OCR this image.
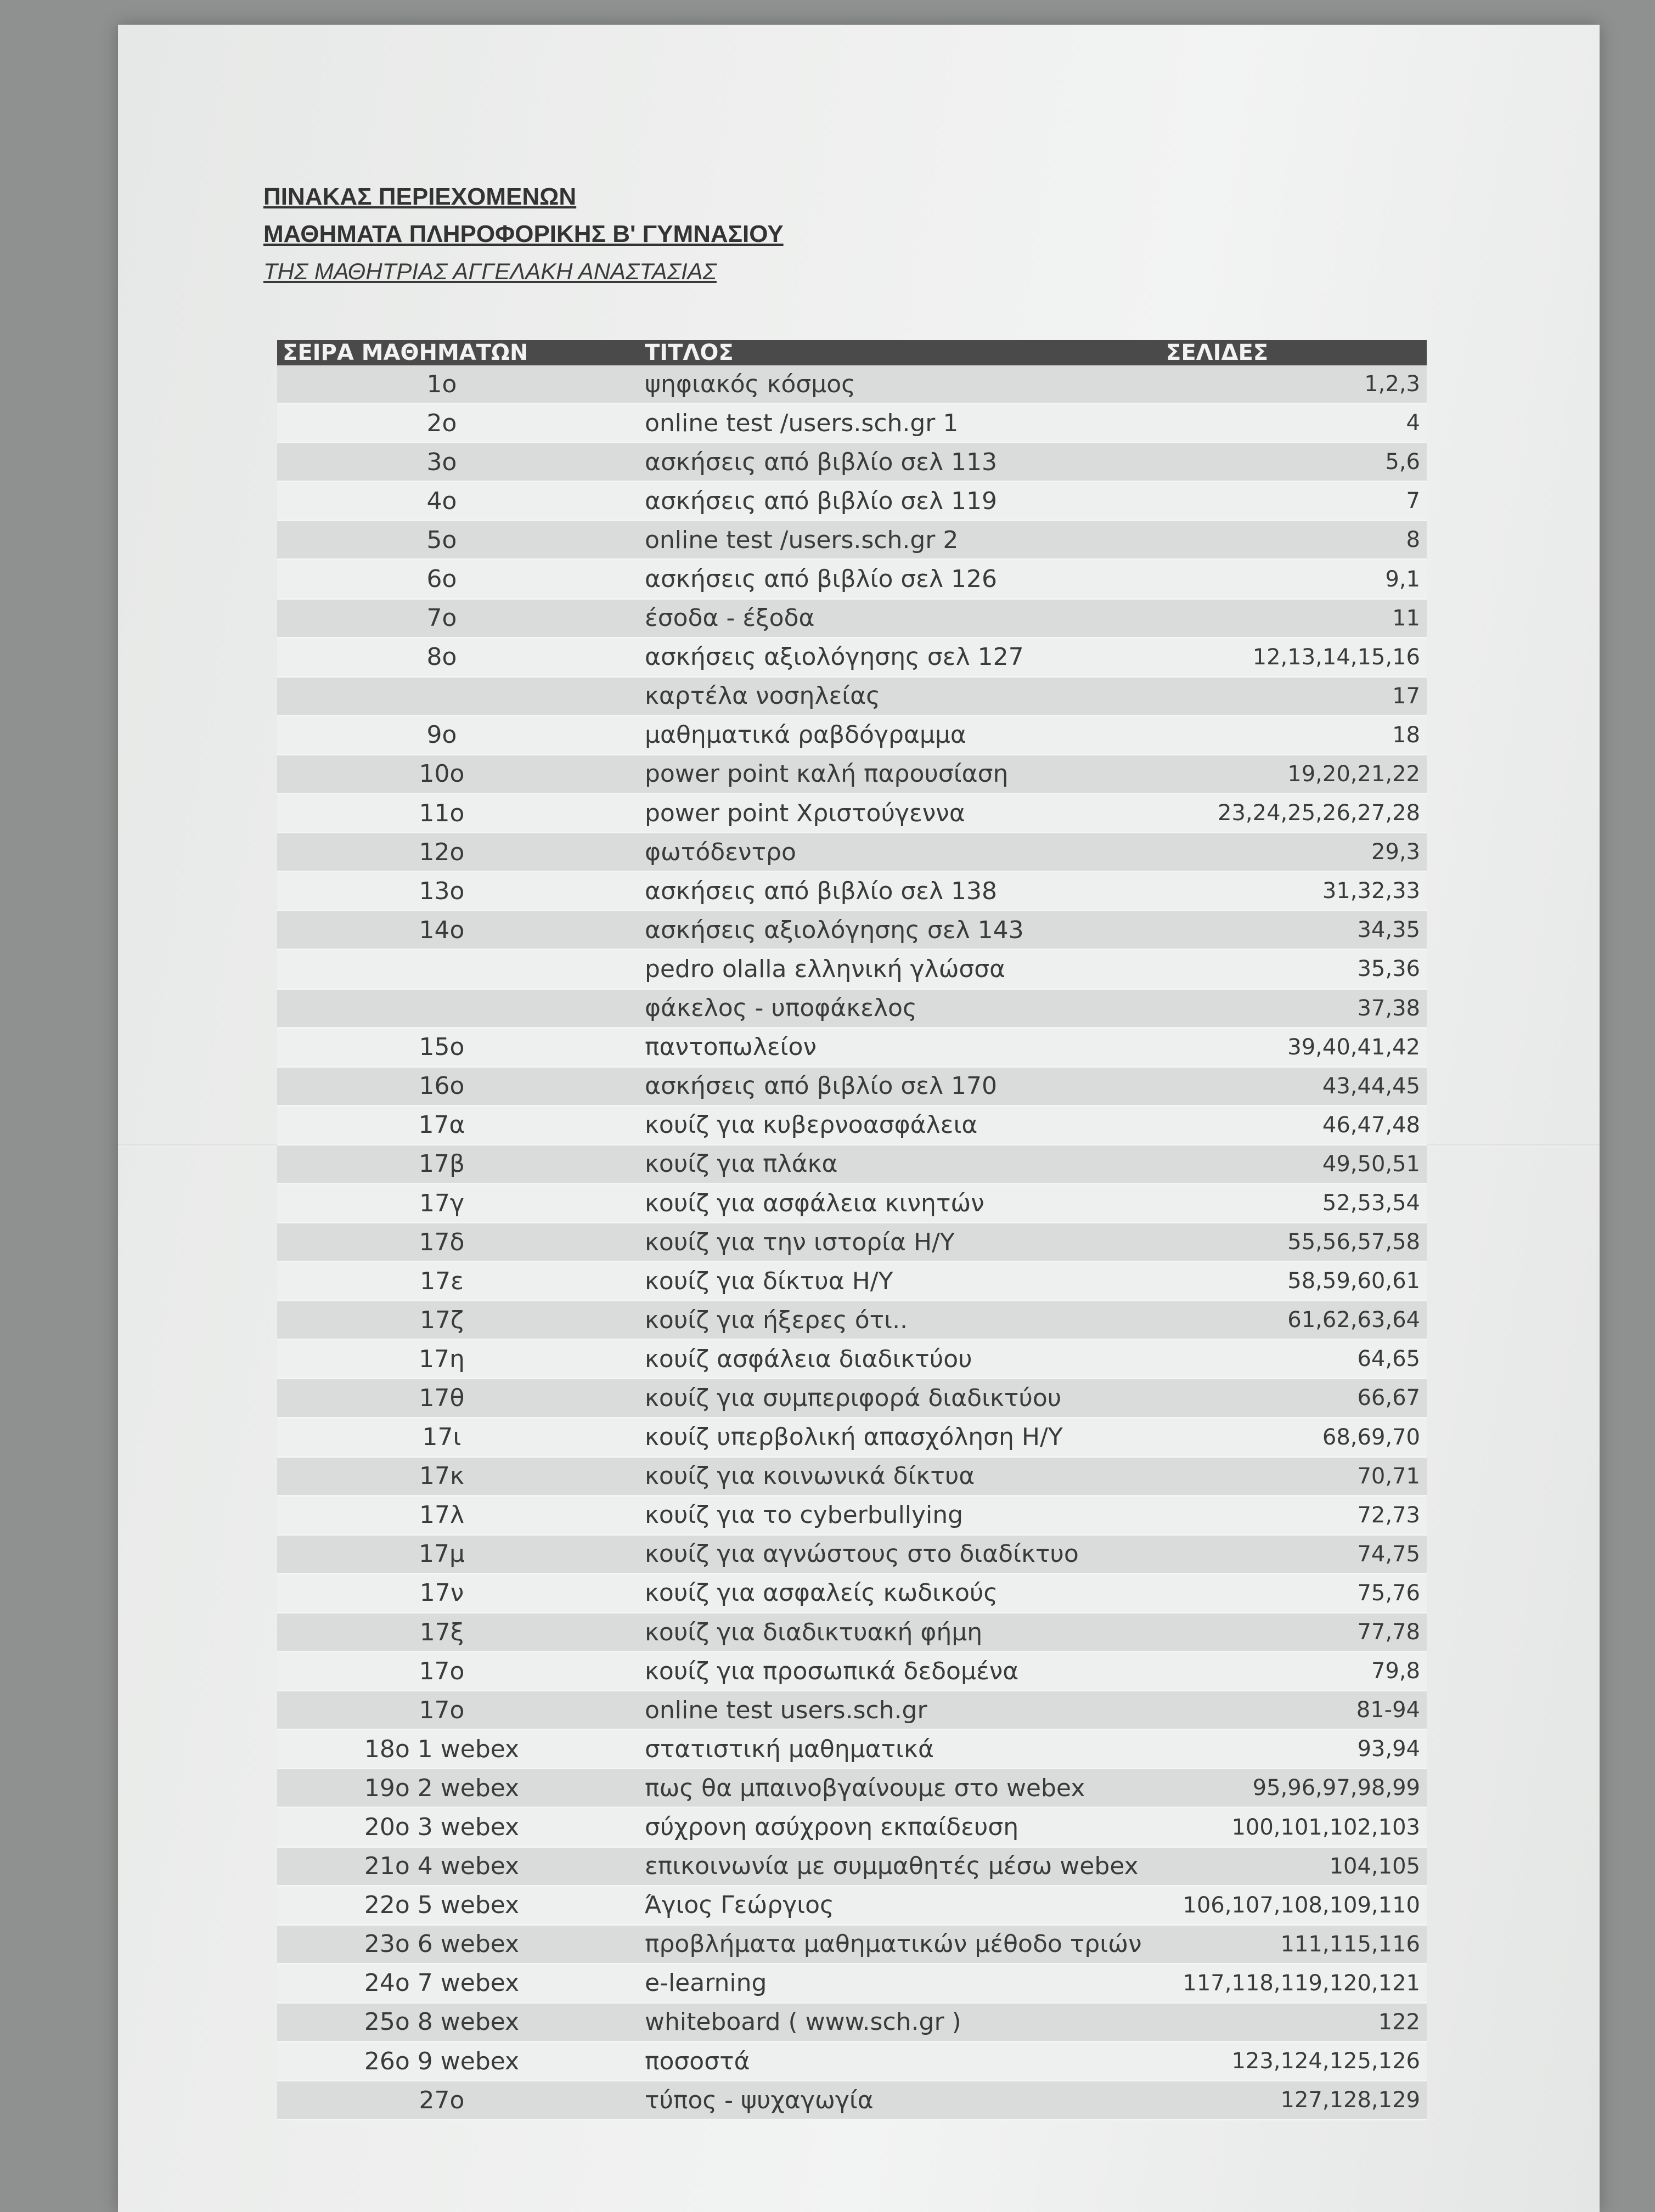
ΠΙΝΑΚΑΣ ΠΕΡΙΕΧΟΜΕΝΩΝ
ΜΑΘΗΜΑΤΑ ΠΛΗΡΟΦΟΡΙΚΗΣ Β' ΓΥΜΝΑΣΙΟΥ
ΤΗΣ ΜΑΘΗΤΡΙΑΣ ΑΓΓΕΛΑΚΗ ΑΝΑΣΤΑΣΙΑΣ
ΣΕΙΡΑ ΜΑΘΗΜΑΤΩΝ	ΤΙΤΛΟΣ	ΣΕΛΙΔΕΣ
1ο	ψηφιακός κόσμος	1,2,3
2ο	online test /users.sch.gr 1	4
3ο	ασκήσεις από βιβλίο σελ 113	5,6
4ο	ασκήσεις από βιβλίο σελ 119	7
5ο	online test /users.sch.gr 2	8
6ο	ασκήσεις από βιβλίο σελ 126	9,1
7ο	έσοδα - έξοδα	11
8ο	ασκήσεις αξιολόγησης σελ 127	12,13,14,15,16
	καρτέλα νοσηλείας	17
9ο	μαθηματικά ραβδόγραμμα	18
10ο	power point καλή παρουσίαση	19,20,21,22
11ο	power point Χριστούγεννα	23,24,25,26,27,28
12ο	φωτόδεντρο	29,3
13ο	ασκήσεις από βιβλίο σελ 138	31,32,33
14ο	ασκήσεις αξιολόγησης σελ 143	34,35
	pedro olalla ελληνική γλώσσα	35,36
	φάκελος - υποφάκελος	37,38
15ο	παντοπωλείον	39,40,41,42
16ο	ασκήσεις από βιβλίο σελ 170	43,44,45
17α	κουίζ για κυβερνοασφάλεια	46,47,48
17β	κουίζ για πλάκα	49,50,51
17γ	κουίζ για ασφάλεια κινητών	52,53,54
17δ	κουίζ για την ιστορία Η/Υ	55,56,57,58
17ε	κουίζ για δίκτυα Η/Υ	58,59,60,61
17ζ	κουίζ για ήξερες ότι..	61,62,63,64
17η	κουίζ ασφάλεια διαδικτύου	64,65
17θ	κουίζ για συμπεριφορά διαδικτύου	66,67
17ι	κουίζ υπερβολική απασχόληση Η/Υ	68,69,70
17κ	κουίζ για κοινωνικά δίκτυα	70,71
17λ	κουίζ για το cyberbullying	72,73
17μ	κουίζ για αγνώστους στο διαδίκτυο	74,75
17ν	κουίζ για ασφαλείς κωδικούς	75,76
17ξ	κουίζ για διαδικτυακή φήμη	77,78
17ο	κουίζ για προσωπικά δεδομένα	79,8
17ο	online test users.sch.gr	81-94
18ο 1 webex	στατιστική μαθηματικά	93,94
19ο 2 webex	πως θα μπαινοβγαίνουμε στο webex	95,96,97,98,99
20ο 3 webex	σύχρονη ασύχρονη εκπαίδευση	100,101,102,103
21ο 4 webex	επικοινωνία με συμμαθητές μέσω webex	104,105
22ο 5 webex	Άγιος Γεώργιος	106,107,108,109,110
23ο 6 webex	προβλήματα μαθηματικών μέθοδο τριών	111,115,116
24ο 7 webex	e-learning	117,118,119,120,121
25ο 8 webex	whiteboard ( www.sch.gr )	122
26ο 9 webex	ποσοστά	123,124,125,126
27ο	τύπος - ψυχαγωγία	127,128,129
